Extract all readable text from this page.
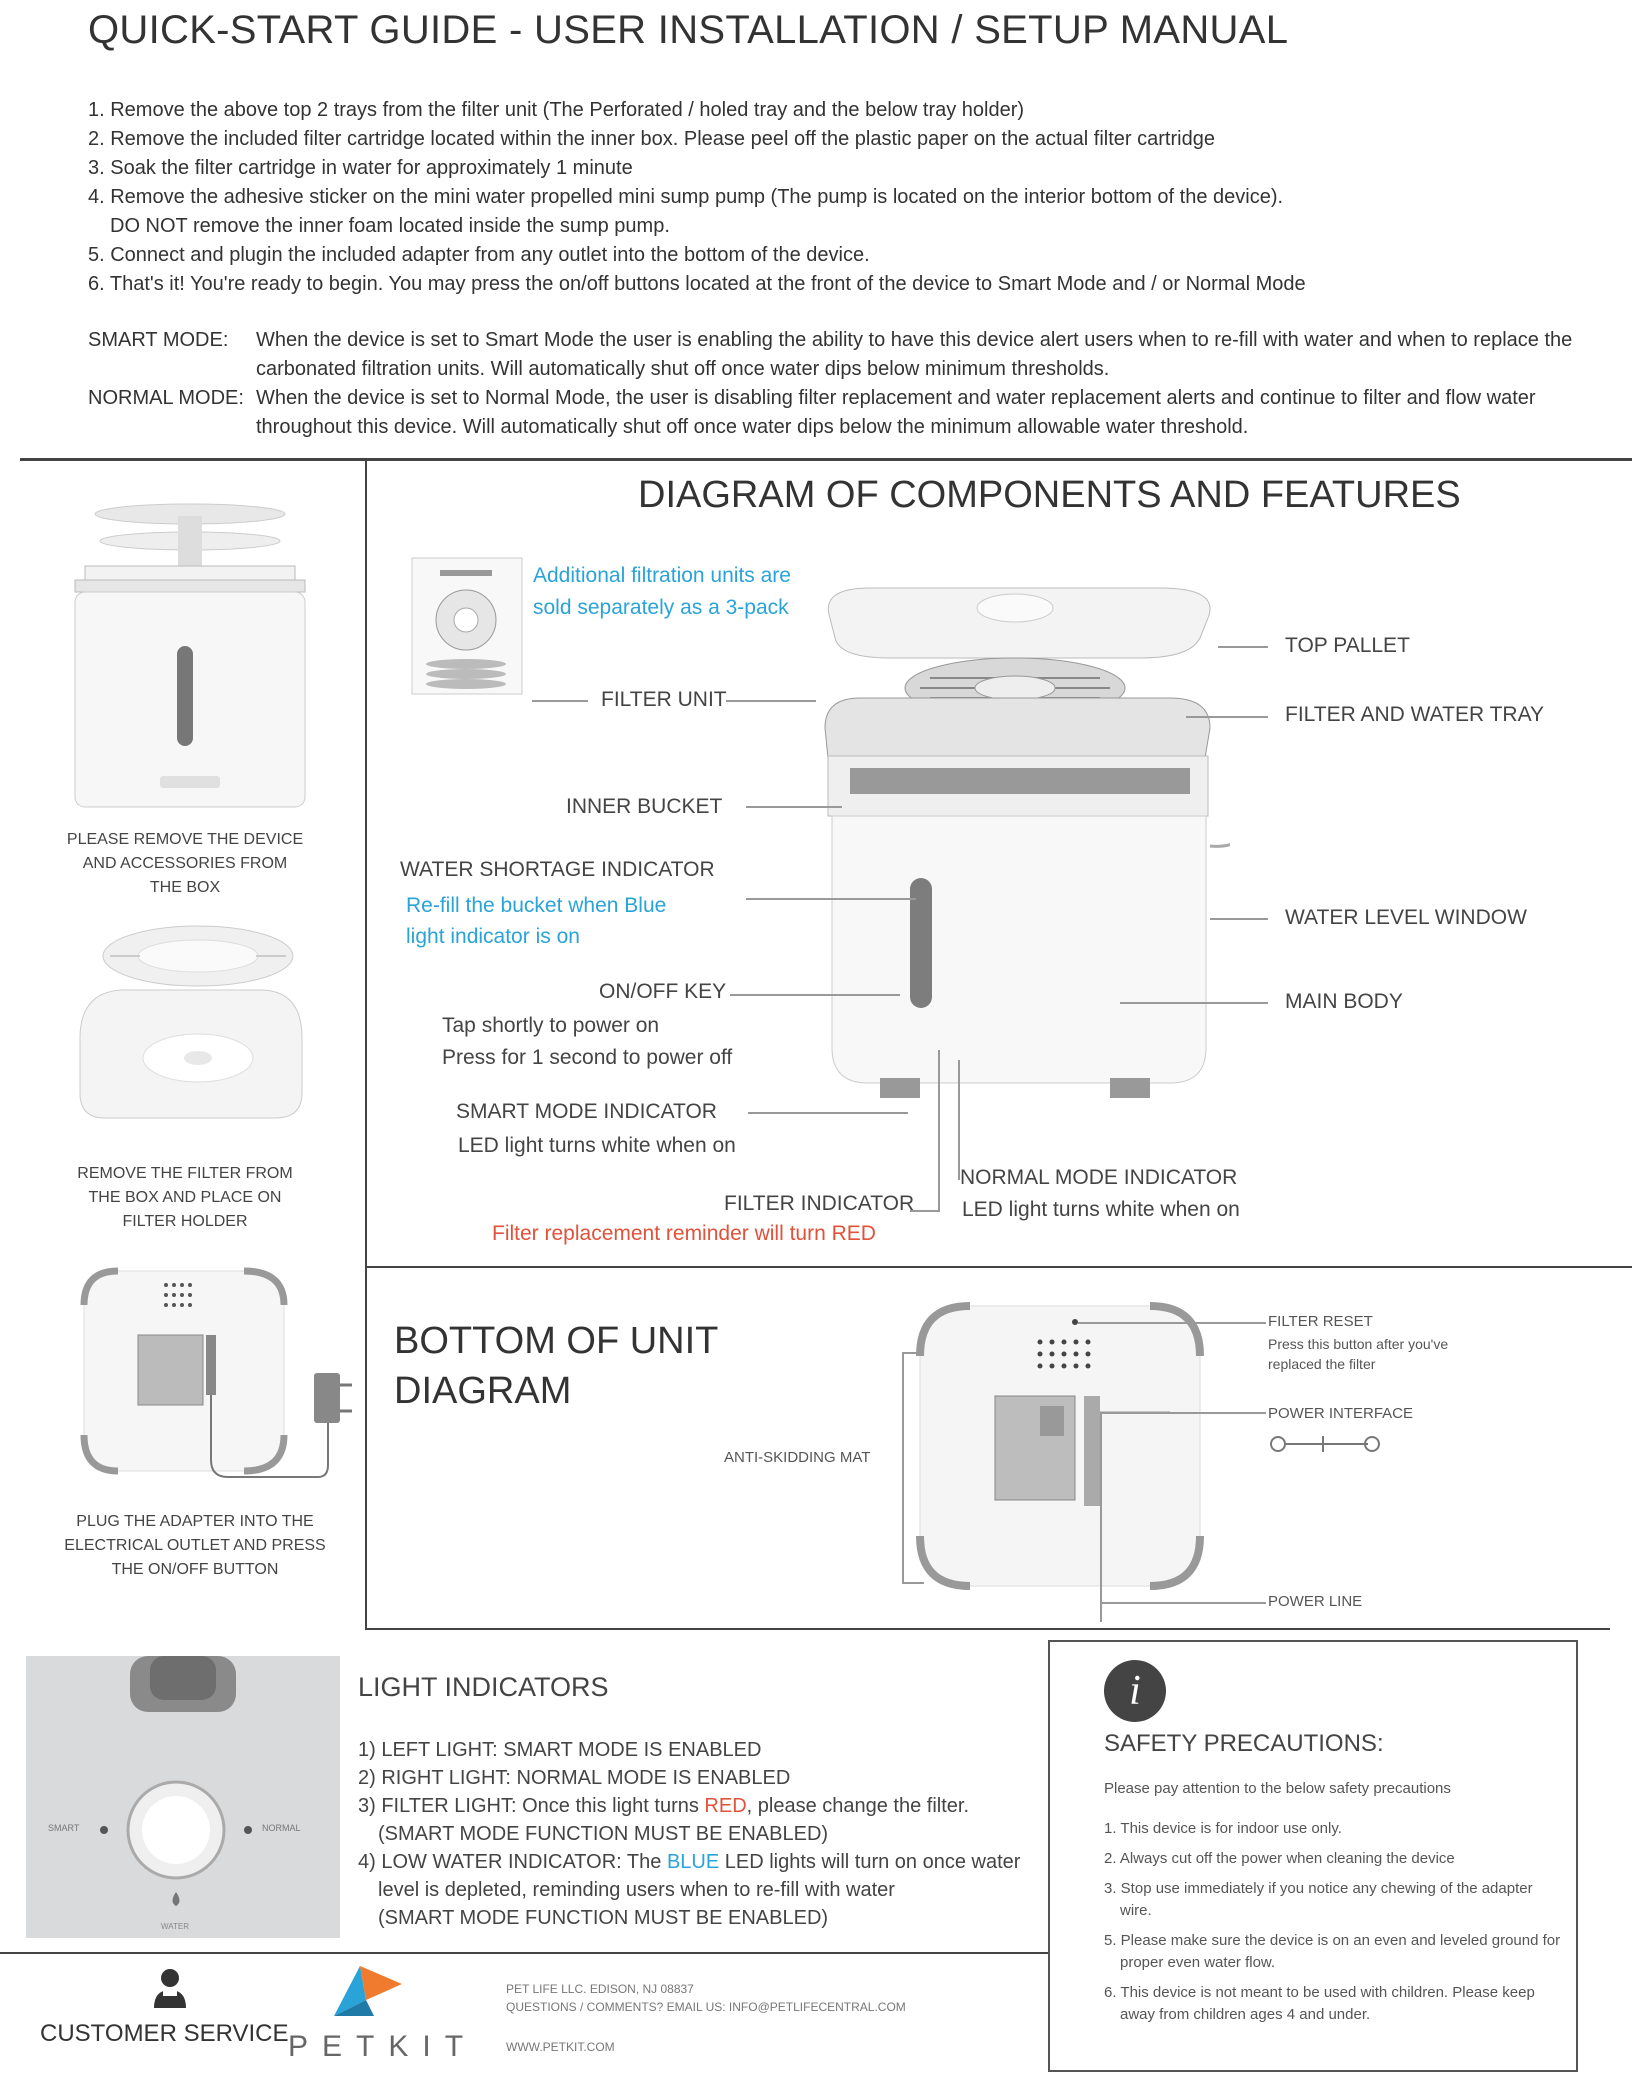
QUICK-START GUIDE - USER INSTALLATION / SETUP MANUAL
1. Remove the above top 2 trays from the filter unit (The Perforated / holed tray and the below tray holder)
2. Remove the included filter cartridge located within the inner box. Please peel off the plastic paper on the actual filter cartridge
3. Soak the filter cartridge in water for approximately 1 minute
4. Remove the adhesive sticker on the mini water propelled mini sump pump (The pump is located on the interior bottom of the device).
DO NOT remove the inner foam located inside the sump pump.
5. Connect and plugin the included adapter from any outlet into the bottom of the device.
6. That's it! You're ready to begin. You may press the on/off buttons located at the front of the device to Smart Mode and / or Normal Mode
SMART MODE:	When the device is set to Smart Mode the user is enabling the ability to have this device alert users when to re-fill with water and when to replace the carbonated filtration units. Will automatically shut off once water dips below minimum thresholds.
NORMAL MODE: When the device is set to Normal Mode, the user is disabling filter replacement and water replacement alerts and continue to filter and flow water throughout this device. Will automatically shut off once water dips below the minimum allowable water threshold.
PLEASE REMOVE THE DEVICE
AND ACCESSORIES FROM
THE BOX
REMOVE THE FILTER FROM
THE BOX AND PLACE ON
FILTER HOLDER
PLUG THE ADAPTER INTO THE
ELECTRICAL OUTLET AND PRESS
THE ON/OFF BUTTON
DIAGRAM OF COMPONENTS AND FEATURES
Additional filtration units are
sold separately as a 3-pack
FILTER UNIT
INNER BUCKET
WATER SHORTAGE INDICATOR
Re-fill the bucket when Blue
light indicator is on
ON/OFF KEY
Tap shortly to power on
Press for 1 second to power off
SMART MODE INDICATOR
LED light turns white when on
FILTER INDICATOR
Filter replacement reminder will turn RED
NORMAL MODE INDICATOR
LED light turns white when on
TOP PALLET
FILTER AND WATER TRAY
WATER LEVEL WINDOW
MAIN BODY
BOTTOM OF UNIT
DIAGRAM
ANTI-SKIDDING MAT
FILTER RESET
Press this button after you've
replaced the filter
POWER INTERFACE
POWER LINE
SMART	NORMAL
WATER
LIGHT INDICATORS
1) LEFT LIGHT: SMART MODE IS ENABLED
2) RIGHT LIGHT: NORMAL MODE IS ENABLED
3) FILTER LIGHT: Once this light turns RED, please change the filter.
(SMART MODE FUNCTION MUST BE ENABLED)
4) LOW WATER INDICATOR: The BLUE LED lights will turn on once water
level is depleted, reminding users when to re-fill with water
(SMART MODE FUNCTION MUST BE ENABLED)
i
SAFETY PRECAUTIONS:
Please pay attention to the below safety precautions
1. This device is for indoor use only.
2. Always cut off the power when cleaning the device
3. Stop use immediately if you notice any chewing of the adapter wire.
5. Please make sure the device is on an even and leveled ground for proper even water flow.
6. This device is not meant to be used with children. Please keep away from children ages 4 and under.
CUSTOMER SERVICE PETKIT
PET LIFE LLC. EDISON, NJ 08837
QUESTIONS / COMMENTS? EMAIL US: INFO@PETLIFECENTRAL.COM
WWW.PETKIT.COM
